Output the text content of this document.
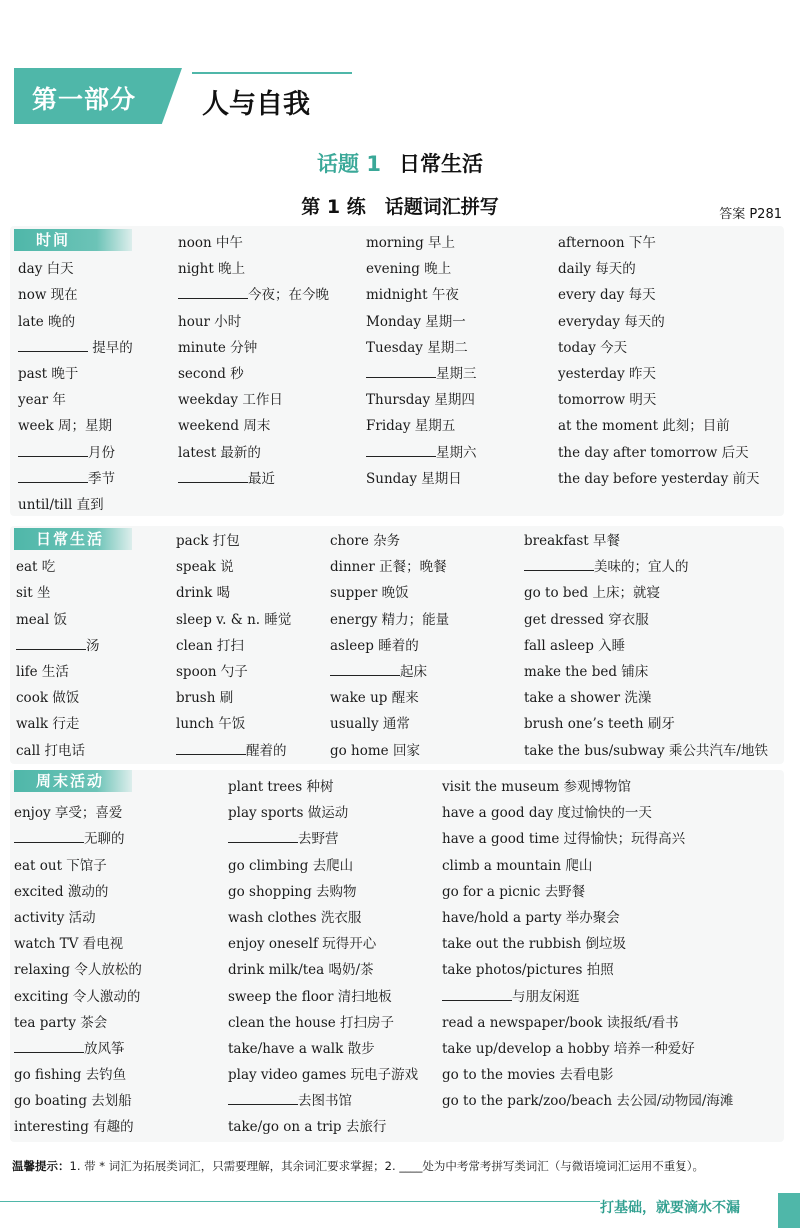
第一部分 人与自我
话题 1 日常生活
第 1 练　话题词汇拼写	答案 P281
时间
day 白天
now 现在
late 晚的
提早的
past 晚于
year 年
week 周；星期
月份
季节
until/till 直到
noon 中午
night 晚上
今夜；在今晚
hour 小时
minute 分钟
second 秒
weekday 工作日
weekend 周末
latest 最新的
最近
morning 早上
evening 晚上
midnight 午夜
Monday 星期一
Tuesday 星期二
星期三
Thursday 星期四
Friday 星期五
星期六
Sunday 星期日
afternoon 下午
daily 每天的
every day 每天
everyday 每天的
today 今天
yesterday 昨天
tomorrow 明天
at the moment 此刻；目前
the day after tomorrow 后天
the day before yesterday 前天
日常生活
eat 吃
sit 坐
meal 饭
汤
life 生活
cook 做饭
walk 行走
call 打电话
pack 打包
speak 说
drink 喝
sleep v. & n. 睡觉
clean 打扫
spoon 勺子
brush 刷
lunch 午饭
醒着的
chore 杂务
dinner 正餐；晚餐
supper 晚饭
energy 精力；能量
asleep 睡着的
起床
wake up 醒来
usually 通常
go home 回家
breakfast 早餐
美味的；宜人的
go to bed 上床；就寝
get dressed 穿衣服
fall asleep 入睡
make the bed 铺床
take a shower 洗澡
brush one’s teeth 刷牙
take the bus/subway 乘公共汽车/地铁
周末活动
enjoy 享受；喜爱
无聊的
eat out 下馆子
excited 激动的
activity 活动
watch TV 看电视
relaxing 令人放松的
exciting 令人激动的
tea party 茶会
放风筝
go fishing 去钓鱼
go boating 去划船
interesting 有趣的
plant trees 种树
play sports 做运动
去野营
go climbing 去爬山
go shopping 去购物
wash clothes 洗衣服
enjoy oneself 玩得开心
drink milk/tea 喝奶/茶
sweep the floor 清扫地板
clean the house 打扫房子
take/have a walk 散步
play video games 玩电子游戏
去图书馆
take/go on a trip 去旅行
visit the museum 参观博物馆
have a good day 度过愉快的一天
have a good time 过得愉快；玩得高兴
climb a mountain 爬山
go for a picnic 去野餐
have/hold a party 举办聚会
take out the rubbish 倒垃圾
take photos/pictures 拍照
与朋友闲逛
read a newspaper/book 读报纸/看书
take up/develop a hobby 培养一种爱好
go to the movies 去看电影
go to the park/zoo/beach 去公园/动物园/海滩
温馨提示：1. 带 * 词汇为拓展类词汇，只需要理解，其余词汇要求掌握；2. ____处为中考常考拼写类词汇（与微语境词汇运用不重复）。
打基础，就要滴水不漏
